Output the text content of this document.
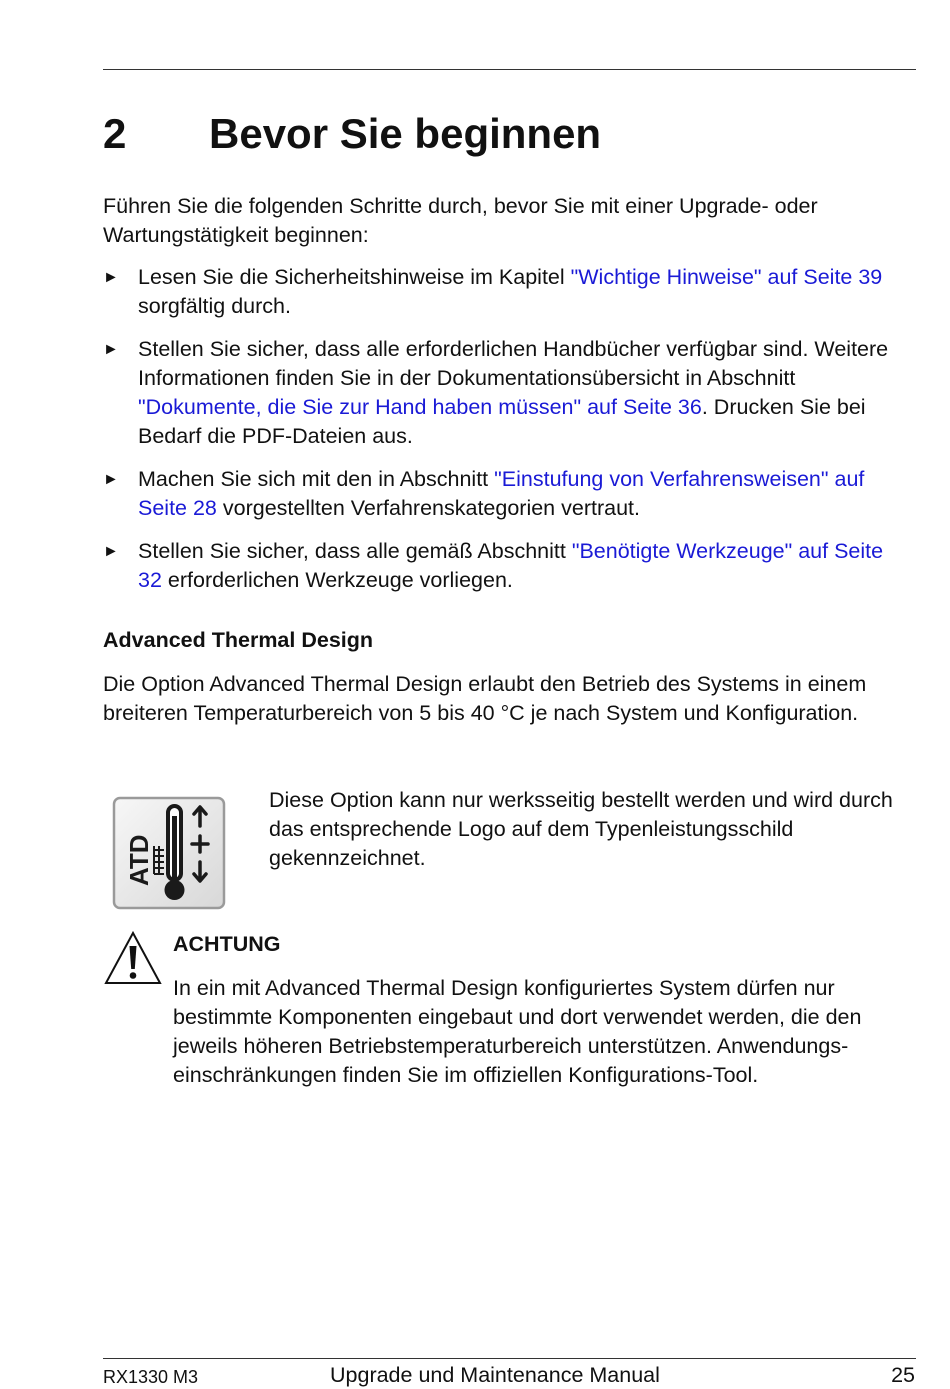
2 Bevor Sie beginnen

Führen Sie die folgenden Schritte durch, bevor Sie mit einer Upgrade- oder Wartungstätigkeit beginnen:

► Lesen Sie die Sicherheitshinweise im Kapitel "Wichtige Hinweise" auf Seite 39 sorgfältig durch.
► Stellen Sie sicher, dass alle erforderlichen Handbücher verfügbar sind. Weitere Informationen finden Sie in der Dokumentationsübersicht in Abschnitt "Dokumente, die Sie zur Hand haben müssen" auf Seite 36. Drucken Sie bei Bedarf die PDF-Dateien aus.
► Machen Sie sich mit den in Abschnitt "Einstufung von Verfahrensweisen" auf Seite 28 vorgestellten Verfahrenskategorien vertraut.
► Stellen Sie sicher, dass alle gemäß Abschnitt "Benötigte Werkzeuge" auf Seite 32 erforderlichen Werkzeuge vorliegen.
Advanced Thermal Design

Die Option Advanced Thermal Design erlaubt den Betrieb des Systems in einem breiteren Temperaturbereich von 5 bis 40 °C je nach System und Konfiguration.

ATD

Diese Option kann nur werksseitig bestellt werden und wird durch das entsprechende Logo auf dem Typenleistungsschild gekennzeichnet.

ACHTUNG

In ein mit Advanced Thermal Design konfiguriertes System dürfen nur bestimmte Komponenten eingebaut und dort verwendet werden, die den jeweils höheren Betriebstemperaturbereich unterstützen. Anwendungseinschränkungen finden Sie im offiziellen Konfigurations-Tool.

RX1330 M3	Upgrade und Maintenance Manual	25
